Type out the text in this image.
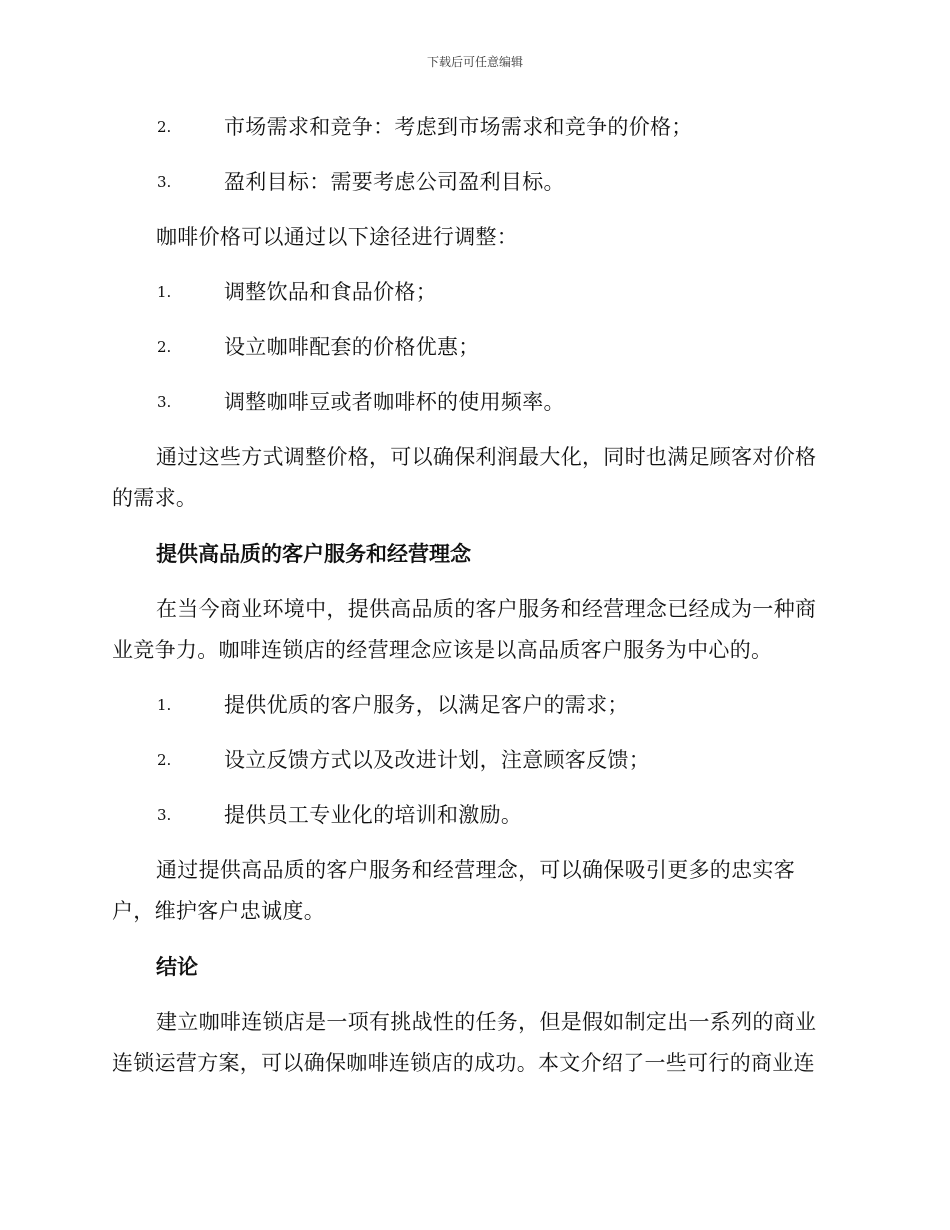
下载后可任意编辑
2.	市场需求和竞争：考虑到市场需求和竞争的价格；
3.	盈利目标：需要考虑公司盈利目标。
咖啡价格可以通过以下途径进行调整：
1.	调整饮品和食品价格；
2.	设立咖啡配套的价格优惠；
3.	调整咖啡豆或者咖啡杯的使用频率。
通过这些方式调整价格，可以确保利润最大化，同时也满足顾客对价格
的需求。
提供高品质的客户服务和经营理念
在当今商业环境中，提供高品质的客户服务和经营理念已经成为一种商
业竞争力。咖啡连锁店的经营理念应该是以高品质客户服务为中心的。
1.	提供优质的客户服务，以满足客户的需求；
2.	设立反馈方式以及改进计划，注意顾客反馈；
3.	提供员工专业化的培训和激励。
通过提供高品质的客户服务和经营理念，可以确保吸引更多的忠实客
户，维护客户忠诚度。
结论
建立咖啡连锁店是一项有挑战性的任务，但是假如制定出一系列的商业
连锁运营方案，可以确保咖啡连锁店的成功。本文介绍了一些可行的商业连
